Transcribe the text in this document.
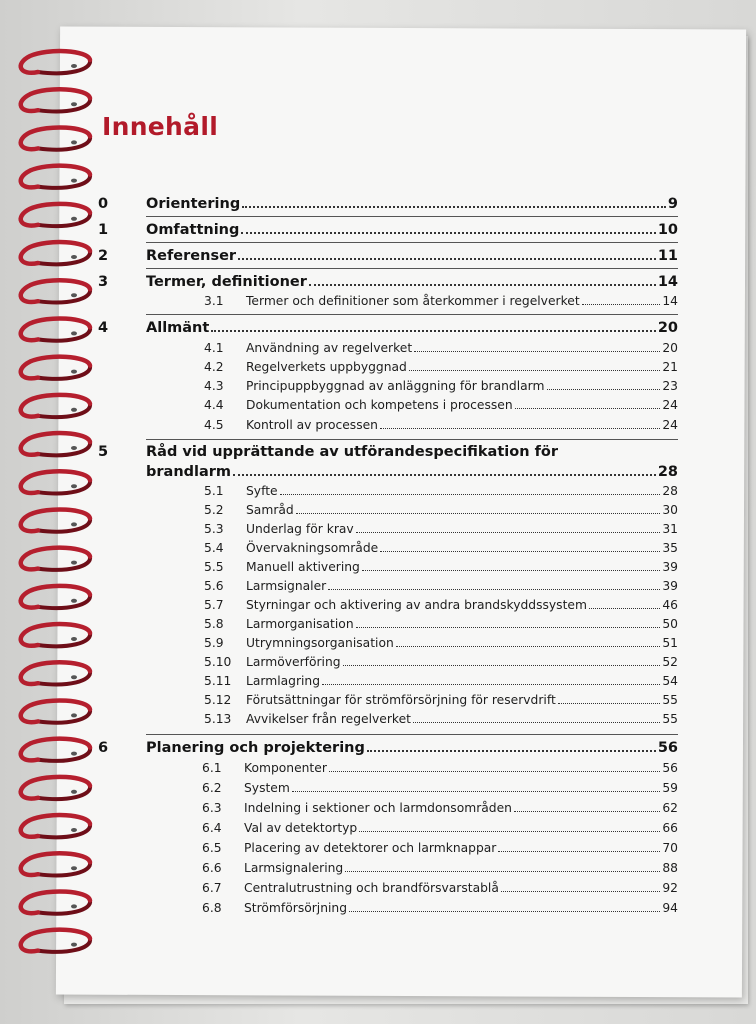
Innehåll
0	Orientering	9
1	Omfattning	10
2	Referenser	11
3	Termer, definitioner	14
3.1	Termer och definitioner som återkommer i regelverket	14
4	Allmänt	20
4.1	Användning av regelverket	20
4.2	Regelverkets uppbyggnad	21
4.3	Principuppbyggnad av anläggning för brandlarm	23
4.4	Dokumentation och kompetens i processen	24
4.5	Kontroll av processen	24
5	Råd vid upprättande av utförandespecifikation för
brandlarm	28
5.1	Syfte	28
5.2	Samråd	30
5.3	Underlag för krav	31
5.4	Övervakningsområde	35
5.5	Manuell aktivering	39
5.6	Larmsignaler	39
5.7	Styrningar och aktivering av andra brandskyddssystem	46
5.8	Larmorganisation	50
5.9	Utrymningsorganisation	51
5.10	Larmöverföring	52
5.11	Larmlagring	54
5.12	Förutsättningar för strömförsörjning för reservdrift	55
5.13	Avvikelser från regelverket	55
6	Planering och projektering	56
6.1	Komponenter	56
6.2	System	59
6.3	Indelning i sektioner och larmdonsområden	62
6.4	Val av detektortyp	66
6.5	Placering av detektorer och larmknappar	70
6.6	Larmsignalering	88
6.7	Centralutrustning och brandförsvarstablå	92
6.8	Strömförsörjning	94
